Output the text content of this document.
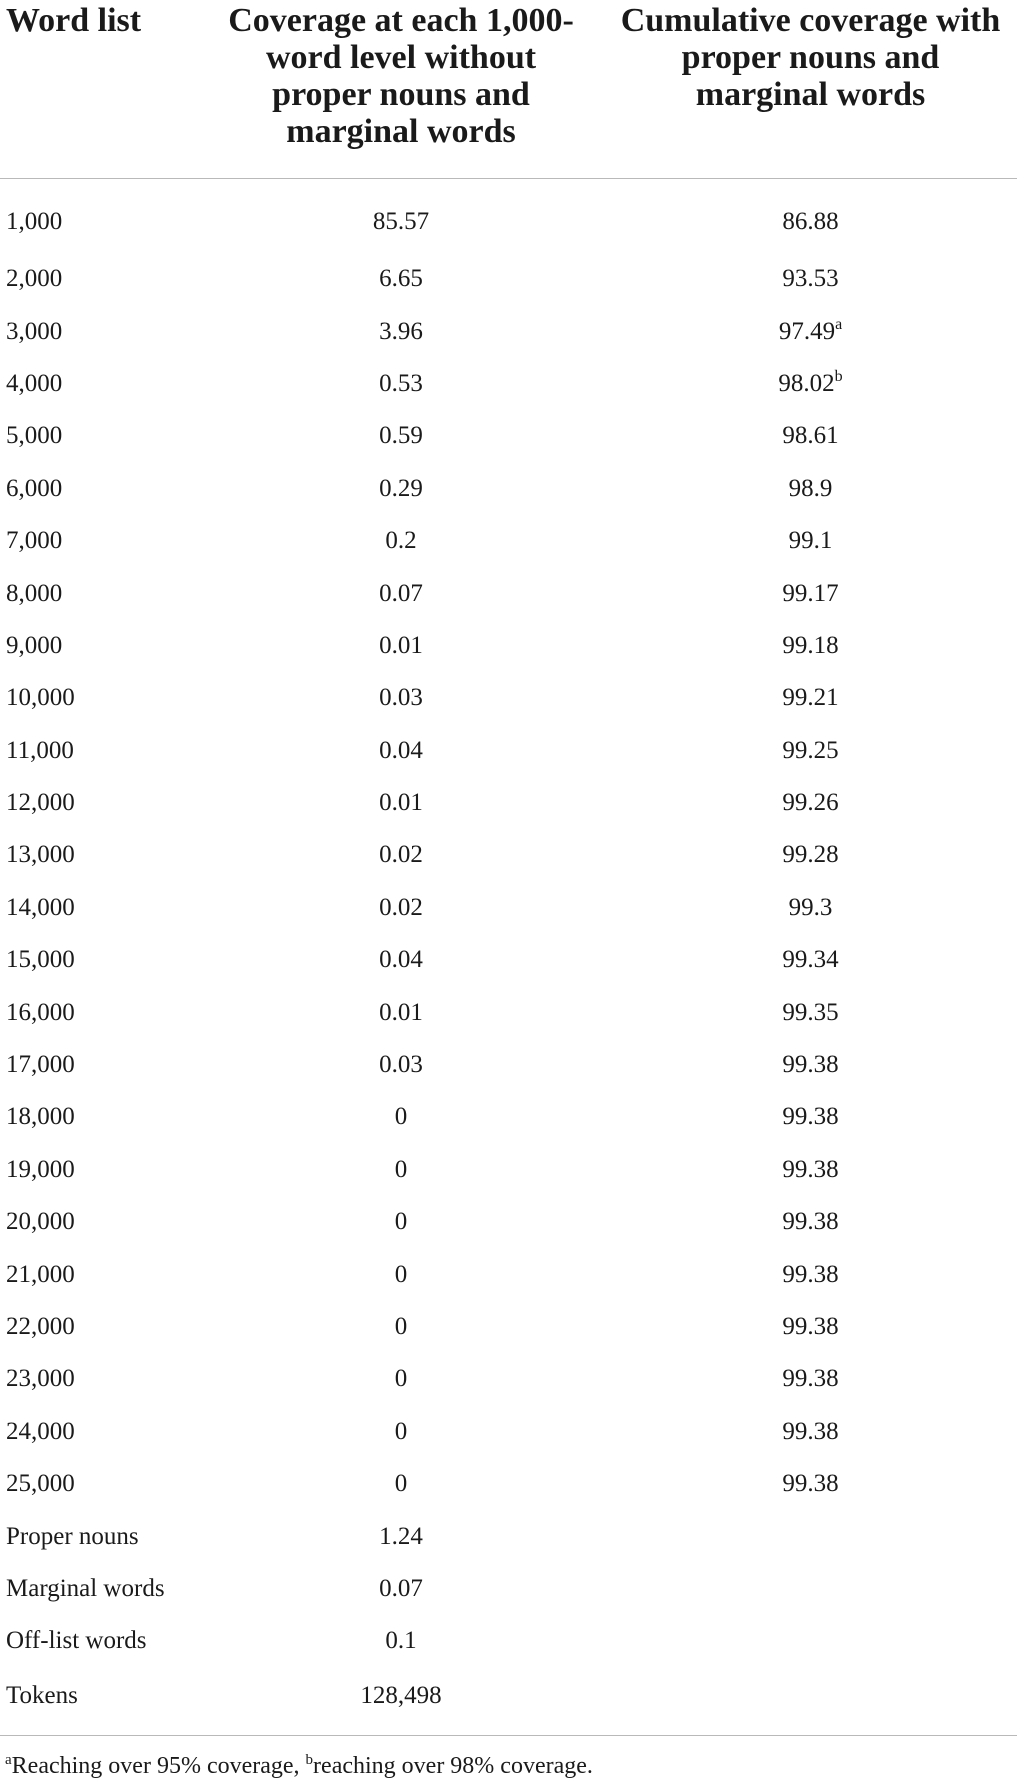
Word list	Coverage at each 1,000-word level without proper nouns and marginal words	Cumulative coverage with proper nouns and marginal words

1,000	85.57	86.88
2,000	6.65	93.53
3,000	3.96	97.49$^a$
4,000	0.53	98.02$^b$
5,000	0.59	98.61
6,000	0.29	98.9
7,000	0.2	99.1
8,000	0.07	99.17
9,000	0.01	99.18
10,000	0.03	99.21
11,000	0.04	99.25
12,000	0.01	99.26
13,000	0.02	99.28
14,000	0.02	99.3
15,000	0.04	99.34
16,000	0.01	99.35
17,000	0.03	99.38
18,000	0	99.38
19,000	0	99.38
20,000	0	99.38
21,000	0	99.38
22,000	0	99.38
23,000	0	99.38
24,000	0	99.38
25,000	0	99.38
Proper nouns	1.24	
Marginal words	0.07	
Off-list words	0.1	
Tokens	128,498	
$^a$Reaching over 95% coverage, $^b$reaching over 98% coverage.
